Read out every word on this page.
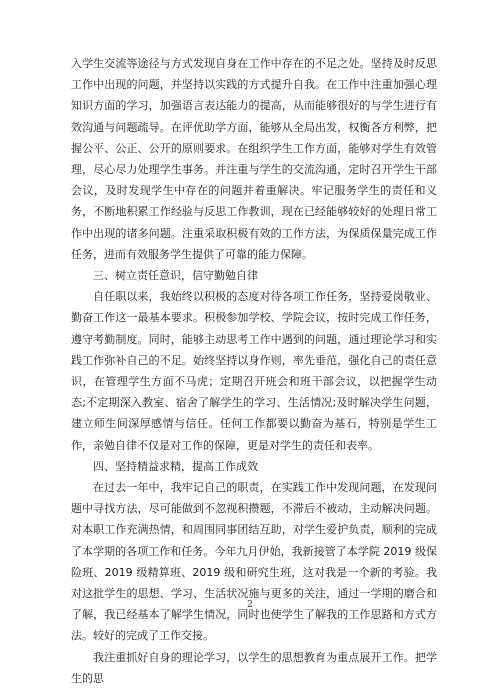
入学生交流等途径与方式发现自身在工作中存在的不足之处。坚持及时反思工作中出现的问题，并坚持以实践的方式提升自我。在工作中注重加强心理知识方面的学习，加强语言表达能力的提高，从而能够很好的与学生进行有效沟通与问题疏导。在评优助学方面，能够从全局出发，权衡各方利弊，把握公平、公正、公开的原则要求。在组织学生工作方面，能够对学生有效管理，尽心尽力处理学生事务。并注重与学生的交流沟通，定时召开学生干部会议，及时发现学生中存在的问题并着重解决。牢记服务学生的责任和义务，不断地积累工作经验与反思工作教训，现在已经能够较好的处理日常工作中出现的诸多问题。注重采取积极有效的工作方法，为保质保量完成工作任务，进而有效服务学生提供了可靠的能力保障。

三、树立责任意识，信守勤勉自律

自任职以来，我始终以积极的态度对待各项工作任务，坚持爱岗敬业、勤奋工作这一最基本要求。积极参加学校、学院会议，按时完成工作任务，遵守考勤制度。同时，能够主动思考工作中遇到的问题，通过理论学习和实践工作弥补自己的不足。始终坚持以身作则，率先垂范，强化自己的责任意识，在管理学生方面不马虎；定期召开班会和班干部会议，以把握学生动态;不定期深入教室、宿舍了解学生的学习、生活情况;及时解决学生问题，建立师生间深厚感情与信任。任何工作都要以勤奋为基石，特别是学生工作，亲勉自律不仅是对工作的保障，更是对学生的责任和表率。

四、坚持精益求精，提高工作成效

在过去一年中，我牢记自己的职责，在实践工作中发现问题，在发现问题中寻找方法，尽可能做到不忽视积攒题，不滞后不被动，主动解决问题。对本职工作充满热情，和周围同事团结互助，对学生爱护负责，顺利的完成了本学期的各项工作和任务。今年九月伊始，我新接管了本学院 2019 级保险班、2019 级精算班、2019 级和研究生班，这对我是一个新的考验。我对这批学生的思想、学习、生活状况施与更多的关注，通过一学期的磨合和了解，我已经基本了解学生情况，同时也使学生了解我的工作思路和方式方法。较好的完成了工作交接。

我注重抓好自身的理论学习，以学生的思想教育为重点展开工作。把学生的思

2
